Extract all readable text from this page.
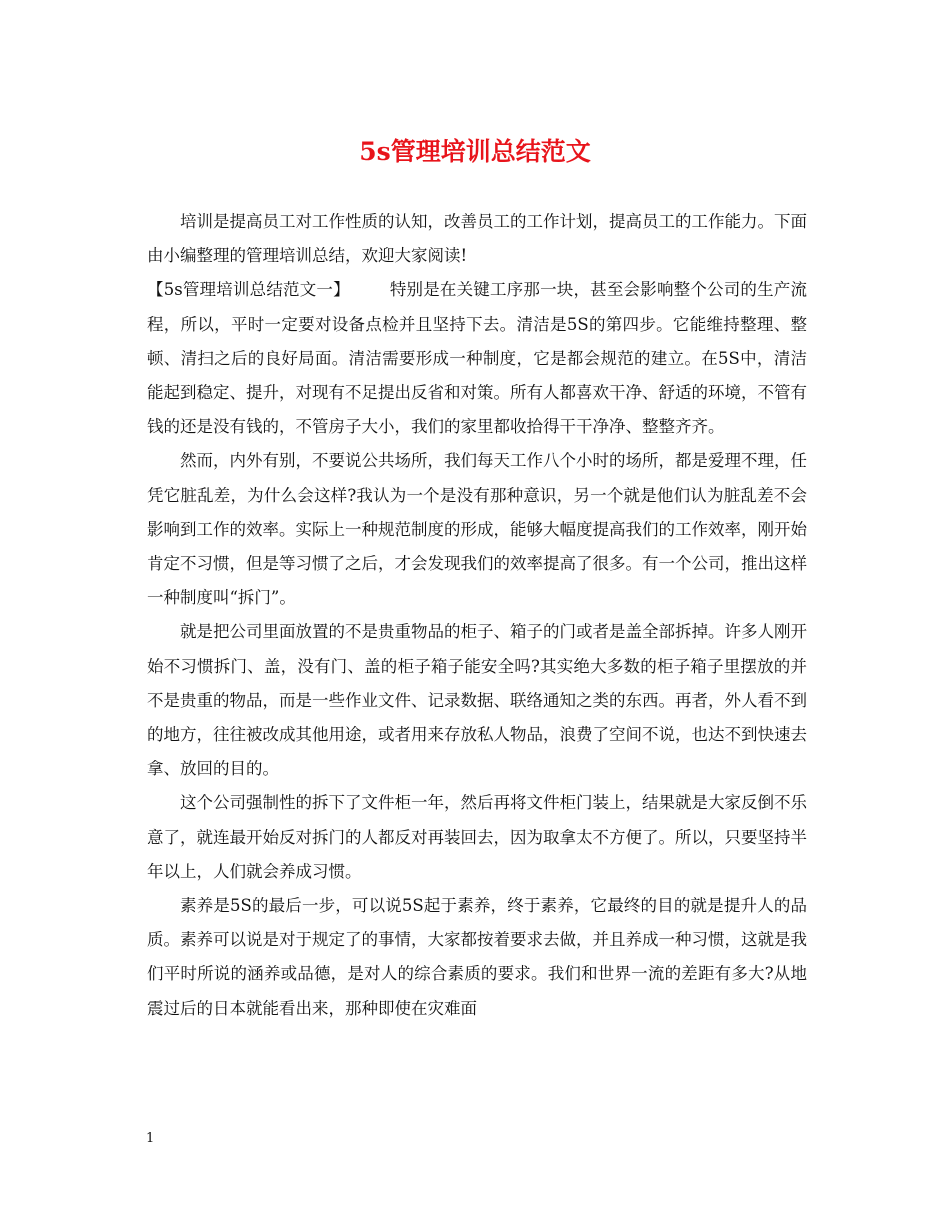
5s管理培训总结范文

培训是提高员工对工作性质的认知，改善员工的工作计划，提高员工的工作能力。下面由小编整理的管理培训总结，欢迎大家阅读!

【5s管理培训总结范文一】 特别是在关键工序那一块，甚至会影响整个公司的生产流程，所以，平时一定要对设备点检并且坚持下去。清洁是5S的第四步。它能维持整理、整顿、清扫之后的良好局面。清洁需要形成一种制度，它是都会规范的建立。在5S中，清洁能起到稳定、提升，对现有不足提出反省和对策。所有人都喜欢干净、舒适的环境，不管有钱的还是没有钱的，不管房子大小，我们的家里都收拾得干干净净、整整齐齐。

然而，内外有别，不要说公共场所，我们每天工作八个小时的场所，都是爱理不理，任凭它脏乱差，为什么会这样?我认为一个是没有那种意识，另一个就是他们认为脏乱差不会影响到工作的效率。实际上一种规范制度的形成，能够大幅度提高我们的工作效率，刚开始肯定不习惯，但是等习惯了之后，才会发现我们的效率提高了很多。有一个公司，推出这样一种制度叫“拆门”。

就是把公司里面放置的不是贵重物品的柜子、箱子的门或者是盖全部拆掉。许多人刚开始不习惯拆门、盖，没有门、盖的柜子箱子能安全吗?其实绝大多数的柜子箱子里摆放的并不是贵重的物品，而是一些作业文件、记录数据、联络通知之类的东西。再者，外人看不到的地方，往往被改成其他用途，或者用来存放私人物品，浪费了空间不说，也达不到快速去拿、放回的目的。

这个公司强制性的拆下了文件柜一年，然后再将文件柜门装上，结果就是大家反倒不乐意了，就连最开始反对拆门的人都反对再装回去，因为取拿太不方便了。所以，只要坚持半年以上，人们就会养成习惯。

素养是5S的最后一步，可以说5S起于素养，终于素养，它最终的目的就是提升人的品质。素养可以说是对于规定了的事情，大家都按着要求去做，并且养成一种习惯，这就是我们平时所说的涵养或品德，是对人的综合素质的要求。我们和世界一流的差距有多大?从地震过后的日本就能看出来，那种即使在灾难面

1
